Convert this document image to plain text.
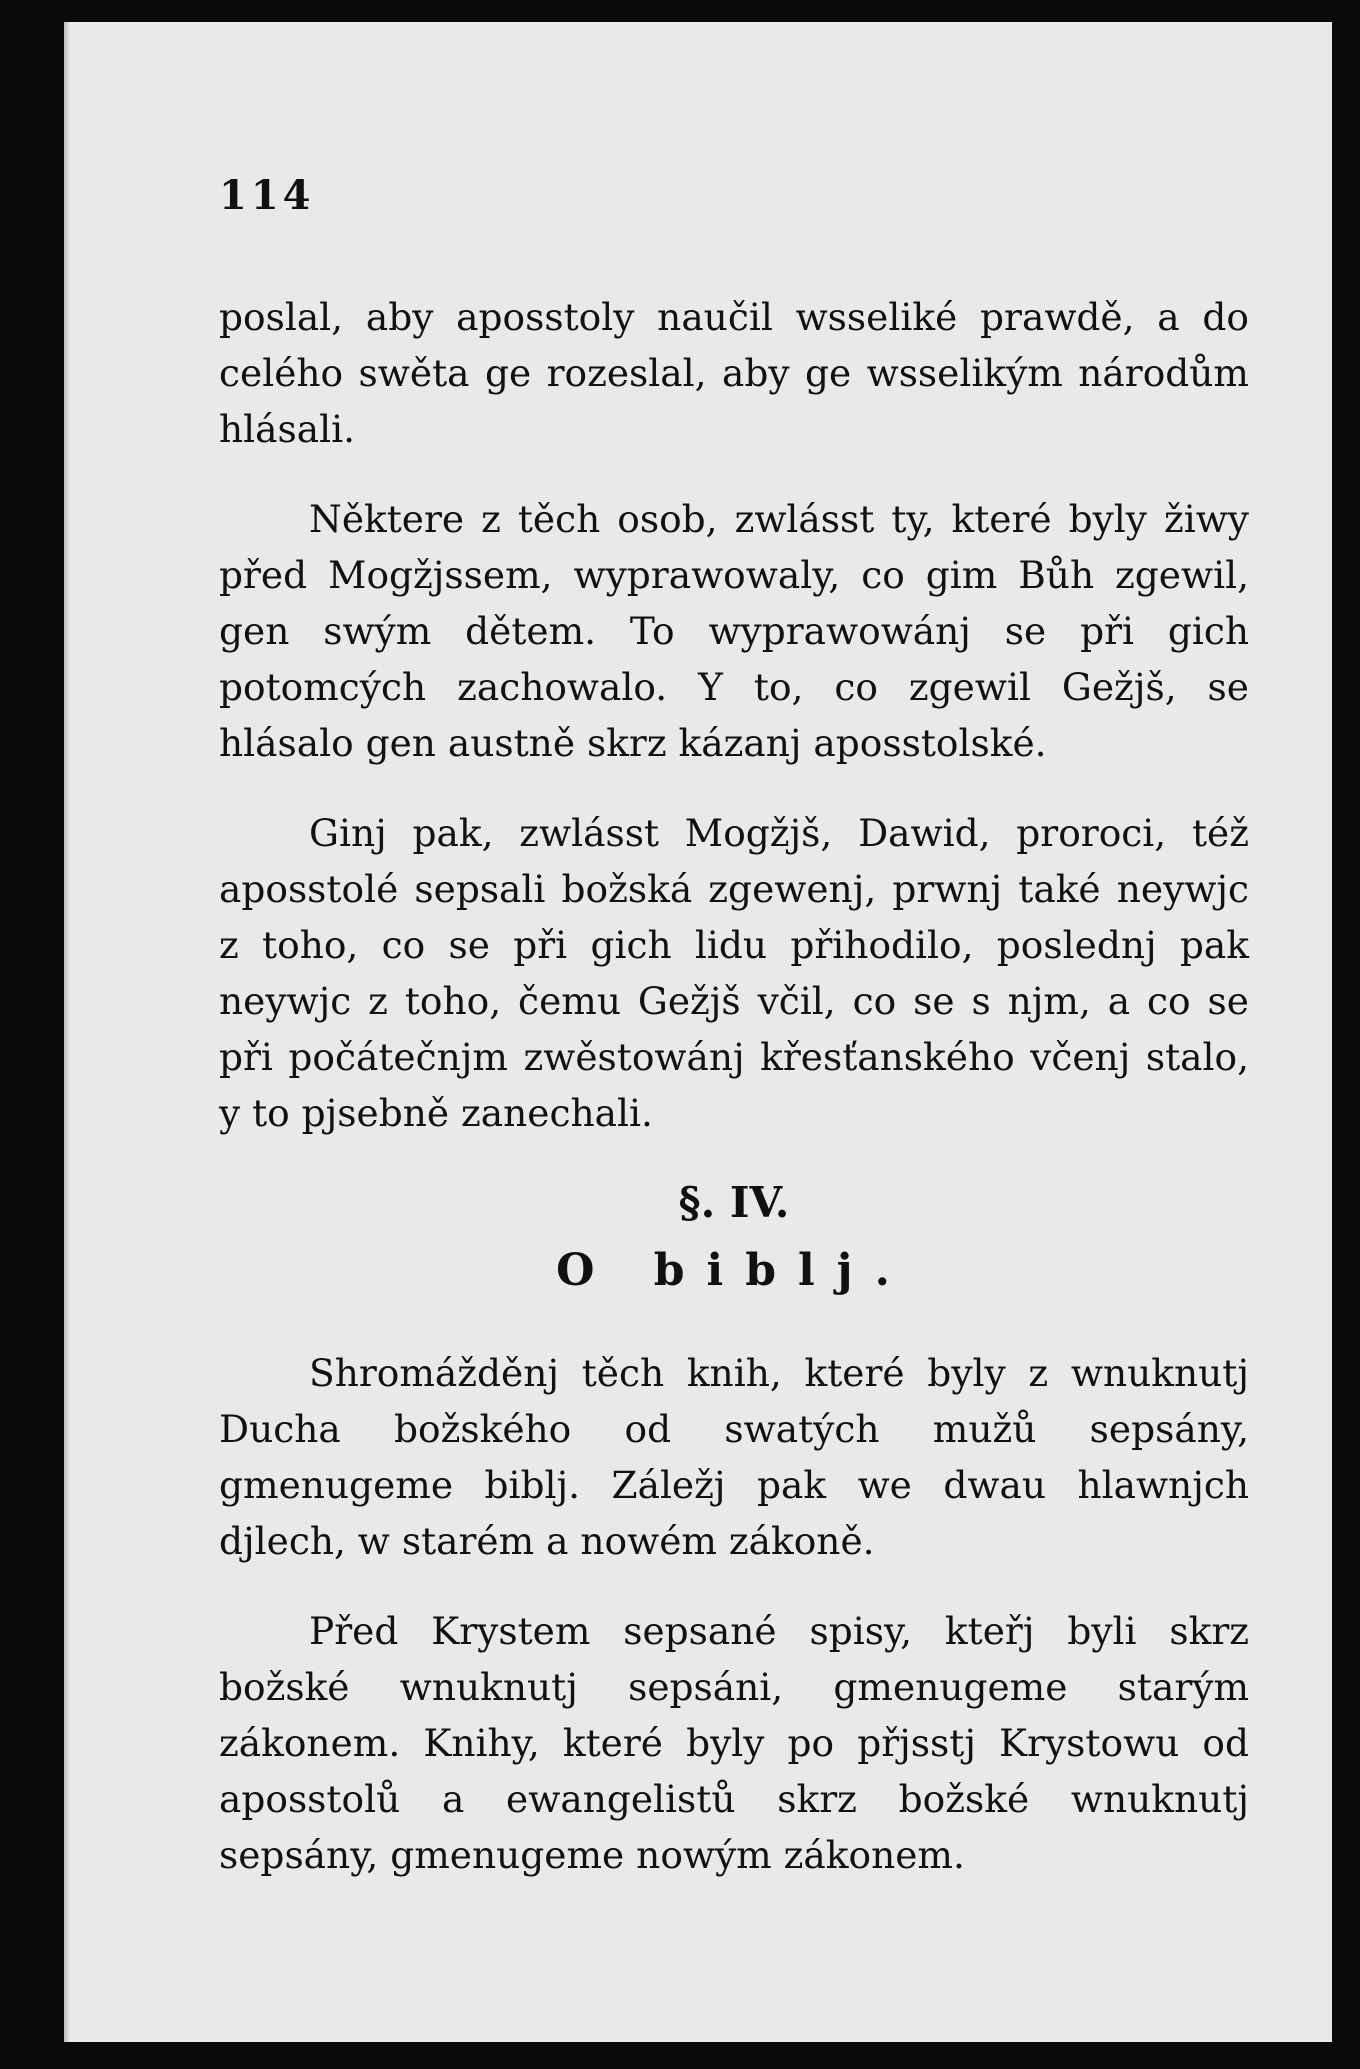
114

poslal, aby aposstoly naučil wsseliké prawdě, a do celého swěta ge rozeslal, aby ge wsselikým národům hlásali.

Některe z těch osob, zwlásst ty, které byly žiwy před Mogžjssem, wyprawowaly, co gim Bůh zgewil, gen swým dětem. To wyprawowánj se při gich potomcých zachowalo. Y to, co zgewil Gežjš, se hlásalo gen austně skrz kázanj aposstolské.

Ginj pak, zwlásst Mogžjš, Dawid, proroci, též aposstolé sepsali božská zgewenj, prwnj také neywjc z toho, co se při gich lidu přihodilo, poslednj pak neywjc z toho, čemu Gežjš včil, co se s njm, a co se při počátečnjm zwěstowánj křesťanského včenj stalo, y to pjsebně zanechali.

§. IV.
O biblj.

Shromážděnj těch knih, které byly z wnuknutj Ducha božského od swatých mužů sepsány, gmenugeme biblj. Záležj pak we dwau hlawnjch djlech, w starém a nowém zákoně.

Před Krystem sepsané spisy, kteřj byli skrz božské wnuknutj sepsáni, gmenugeme starým zákonem. Knihy, které byly po přjsstj Krystowu od aposstolů a ewangelistů skrz božské wnuknutj sepsány, gmenugeme nowým zákonem.
